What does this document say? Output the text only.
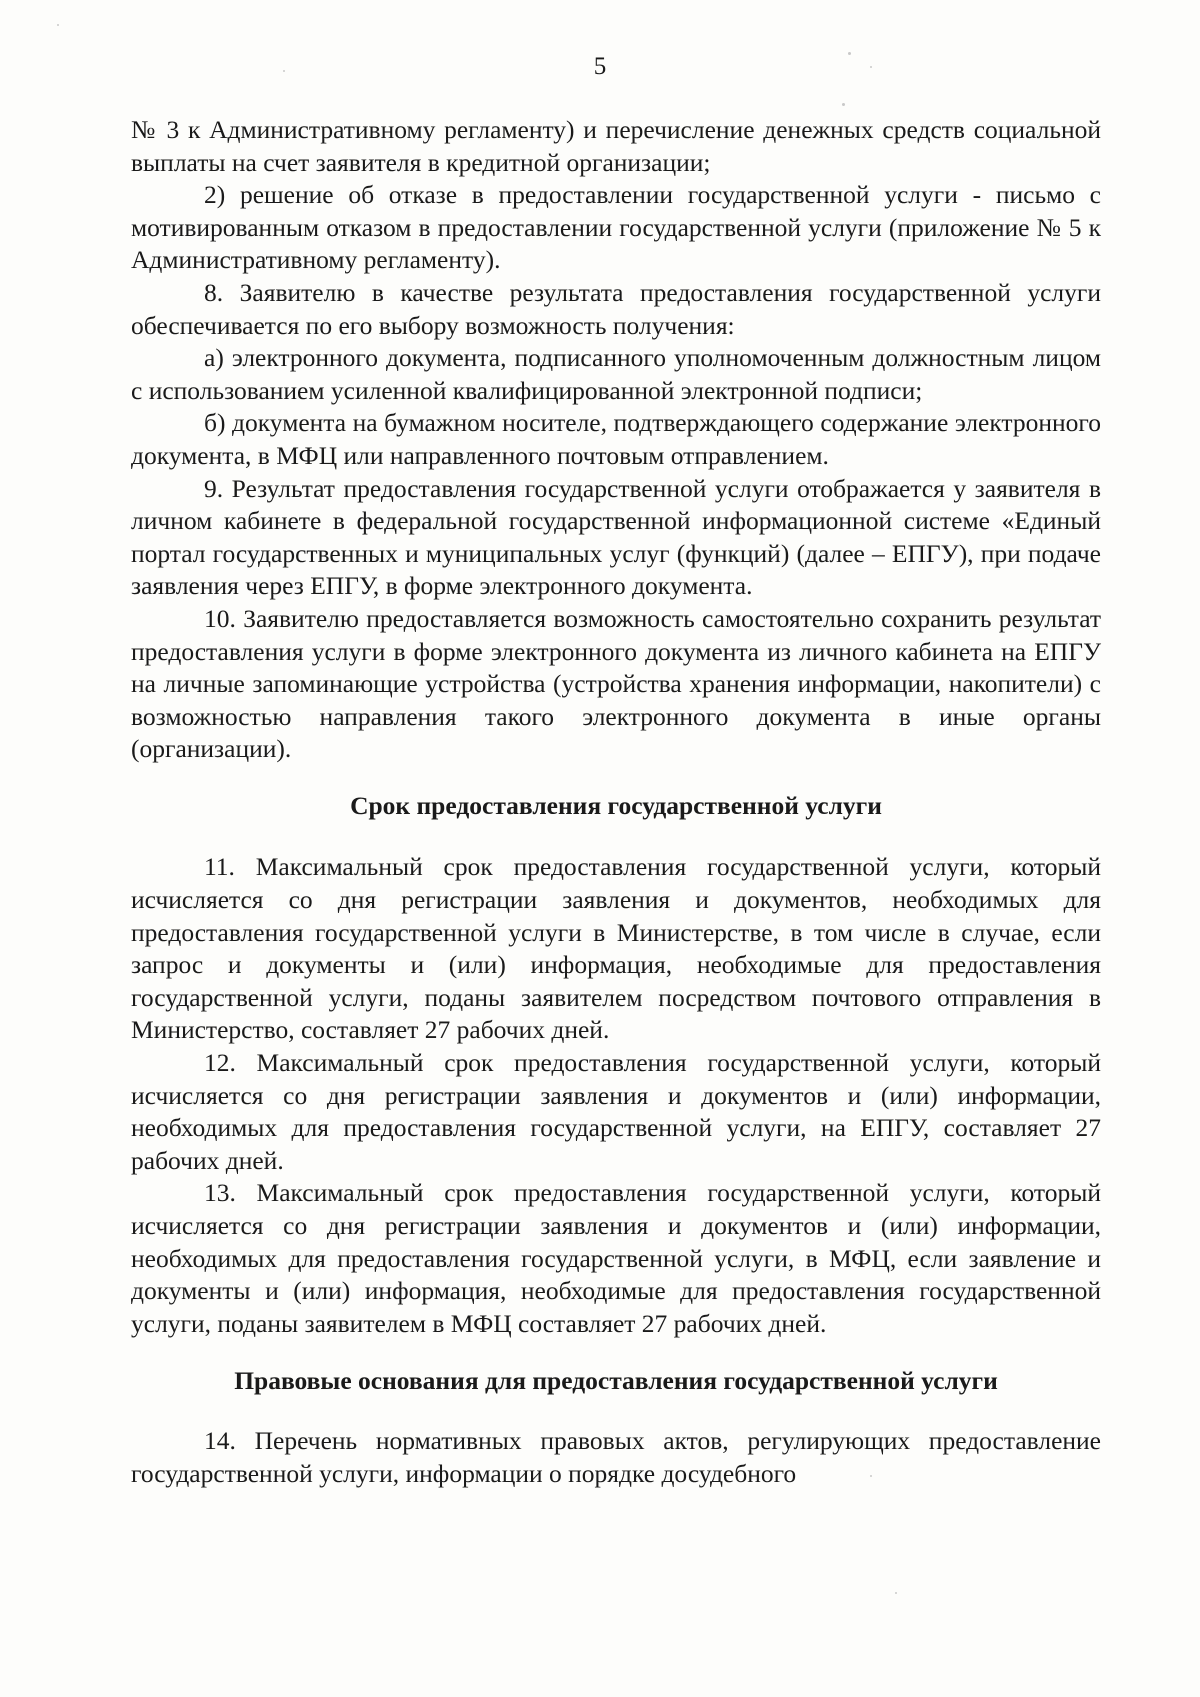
5

№ 3 к Административному регламенту) и перечисление денежных средств социальной выплаты на счет заявителя в кредитной организации;

2) решение об отказе в предоставлении государственной услуги - письмо с мотивированным отказом в предоставлении государственной услуги (приложение № 5 к Административному регламенту).

8. Заявителю в качестве результата предоставления государственной услуги обеспечивается по его выбору возможность получения:

а) электронного документа, подписанного уполномоченным должностным лицом с использованием усиленной квалифицированной электронной подписи;

б) документа на бумажном носителе, подтверждающего содержание электронного документа, в МФЦ или направленного почтовым отправлением.

9. Результат предоставления государственной услуги отображается у заявителя в личном кабинете в федеральной государственной информационной системе «Единый портал государственных и муниципальных услуг (функций) (далее – ЕПГУ), при подаче заявления через ЕПГУ, в форме электронного документа.

10. Заявителю предоставляется возможность самостоятельно сохранить результат предоставления услуги в форме электронного документа из личного кабинета на ЕПГУ на личные запоминающие устройства (устройства хранения информации, накопители) с возможностью направления такого электронного документа в иные органы (организации).

Срок предоставления государственной услуги

11. Максимальный срок предоставления государственной услуги, который исчисляется со дня регистрации заявления и документов, необходимых для предоставления государственной услуги в Министерстве, в том числе в случае, если запрос и документы и (или) информация, необходимые для предоставления государственной услуги, поданы заявителем посредством почтового отправления в Министерство, составляет 27 рабочих дней.

12. Максимальный срок предоставления государственной услуги, который исчисляется со дня регистрации заявления и документов и (или) информации, необходимых для предоставления государственной услуги, на ЕПГУ, составляет 27 рабочих дней.

13. Максимальный срок предоставления государственной услуги, который исчисляется со дня регистрации заявления и документов и (или) информации, необходимых для предоставления государственной услуги, в МФЦ, если заявление и документы и (или) информация, необходимые для предоставления государственной услуги, поданы заявителем в МФЦ составляет 27 рабочих дней.

Правовые основания для предоставления государственной услуги

14. Перечень нормативных правовых актов, регулирующих предоставление государственной услуги, информации о порядке досудебного
